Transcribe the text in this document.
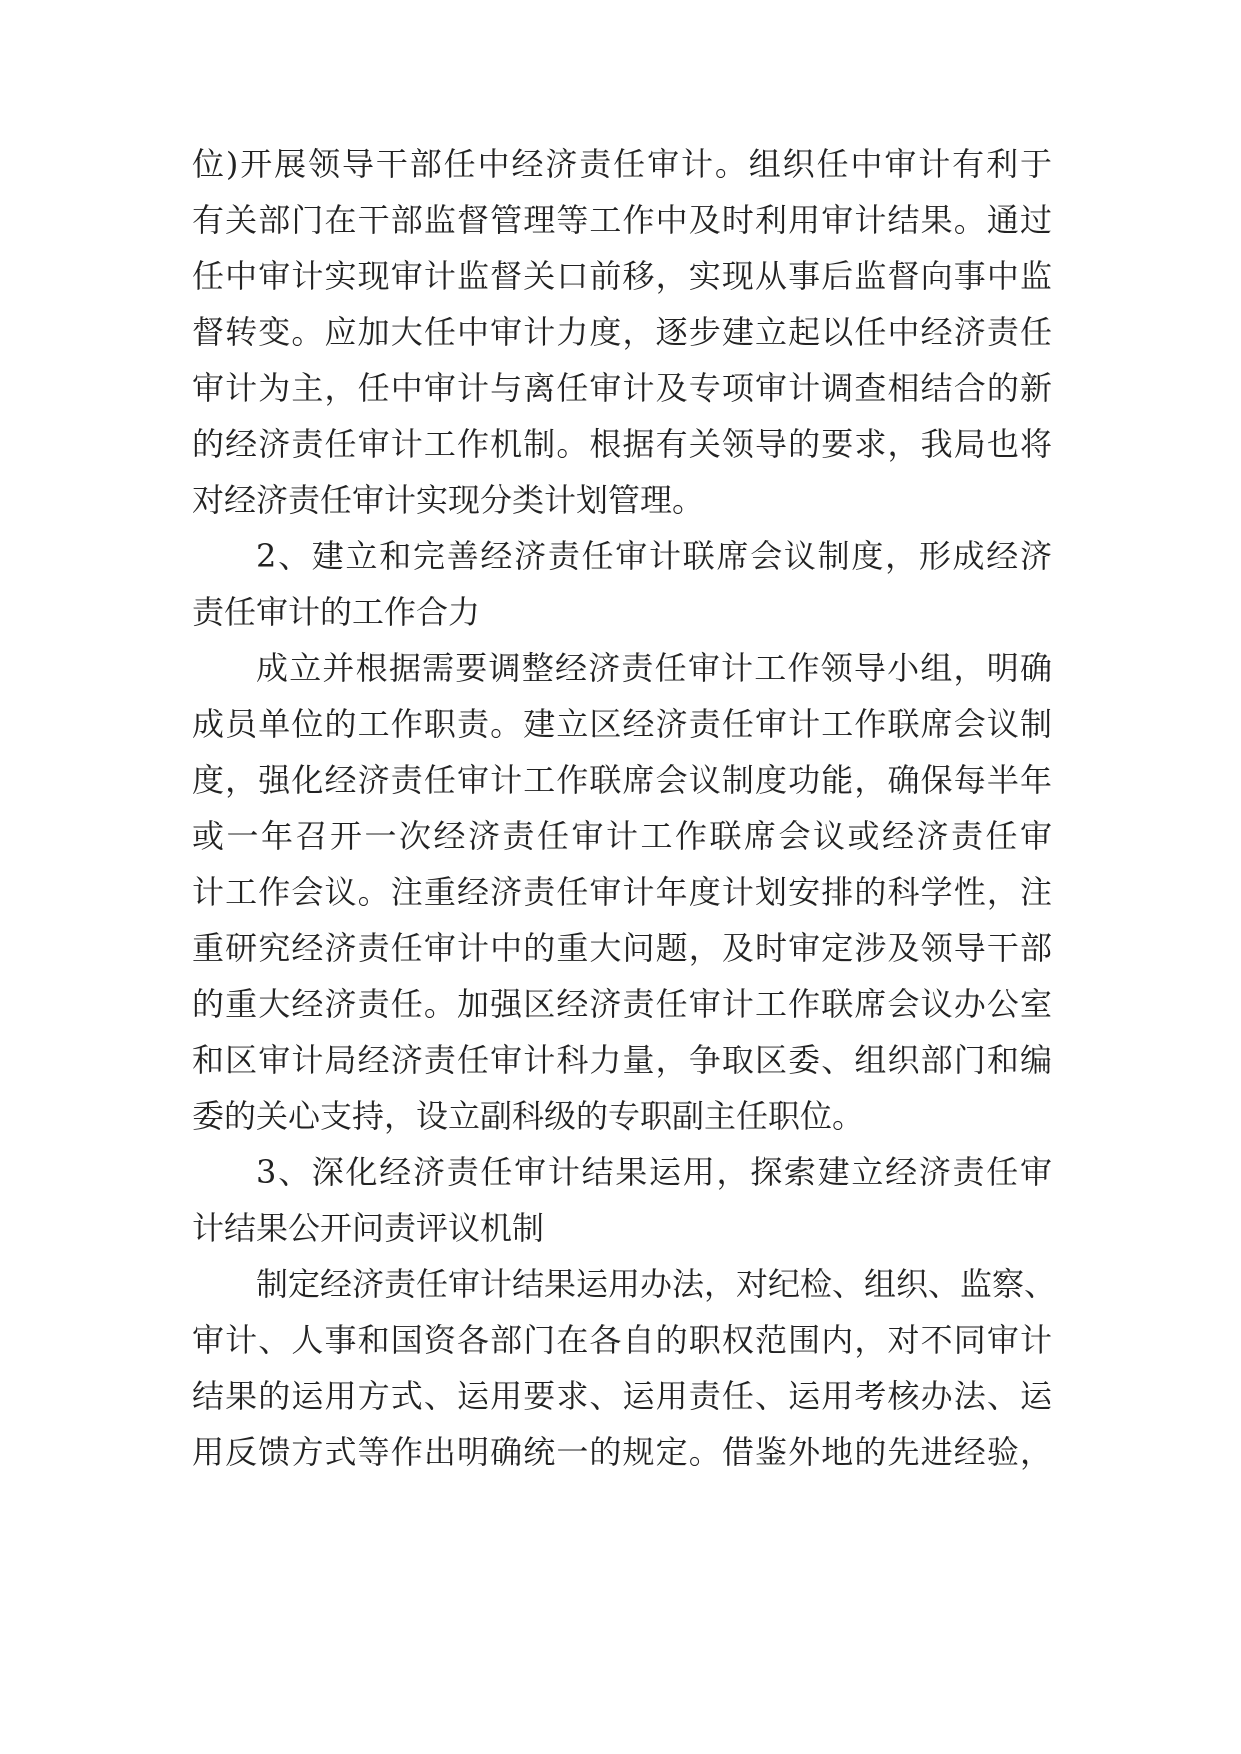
位)开展领导干部任中经济责任审计。组织任中审计有利于
有关部门在干部监督管理等工作中及时利用审计结果。通过
任中审计实现审计监督关口前移，实现从事后监督向事中监
督转变。应加大任中审计力度，逐步建立起以任中经济责任
审计为主，任中审计与离任审计及专项审计调查相结合的新
的经济责任审计工作机制。根据有关领导的要求，我局也将
对经济责任审计实现分类计划管理。
2、建立和完善经济责任审计联席会议制度，形成经济
责任审计的工作合力
成立并根据需要调整经济责任审计工作领导小组，明确
成员单位的工作职责。建立区经济责任审计工作联席会议制
度，强化经济责任审计工作联席会议制度功能，确保每半年
或一年召开一次经济责任审计工作联席会议或经济责任审
计工作会议。注重经济责任审计年度计划安排的科学性，注
重研究经济责任审计中的重大问题，及时审定涉及领导干部
的重大经济责任。加强区经济责任审计工作联席会议办公室
和区审计局经济责任审计科力量，争取区委、组织部门和编
委的关心支持，设立副科级的专职副主任职位。
3、深化经济责任审计结果运用，探索建立经济责任审
计结果公开问责评议机制
制定经济责任审计结果运用办法，对纪检、组织、监察、
审计、人事和国资各部门在各自的职权范围内，对不同审计
结果的运用方式、运用要求、运用责任、运用考核办法、运
用反馈方式等作出明确统一的规定。借鉴外地的先进经验，
